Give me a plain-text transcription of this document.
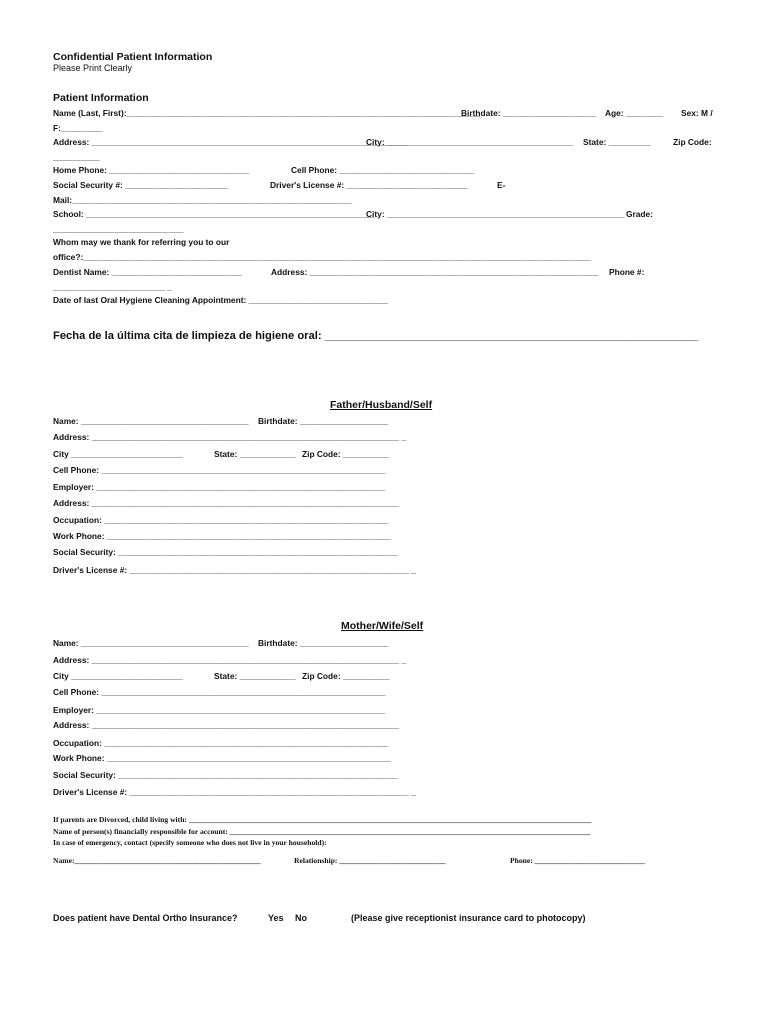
Confidential Patient Information
Please Print Clearly
Patient Information
Name (Last, First):____________________________________________________________________________
Birthdate: ____________________ Age: ________ Sex: M /
F:_________
Address: ____________________________________________________________________
City: ________________________________________ State: _________	Zip Code:
__________
Home Phone: ______________________________	Cell Phone: _____________________________
Social Security #: ______________________	Driver's License #: __________________________	E-
Mail:____________________________________________________________
School: ______________________________________________________________
City: ___________________________________________________ Grade:
____________________________
Whom may we thank for referring you to our
office?:_____________________________________________________________________________________________________________
Dentist Name: ____________________________	Address: ______________________________________________________________ Phone #:
________________________ _
Date of last Oral Hygiene Cleaning Appointment: ______________________________
Fecha de la última cita de limpieza de higiene oral: ____________________________________________________________
Father/Husband/Self
Name: ____________________________________ Birthdate: ___________________
Address: __________________________________________________________________ _
City ________________________	State: ____________ Zip Code: __________
Cell Phone: _____________________________________________________________
Employer: ______________________________________________________________
Address: __________________________________________________________________
Occupation: _____________________________________________________________
Work Phone: _____________________________________________________________
Social Security: ____________________________________________________________
Driver's License #: ____________________________________________________________ _
Mother/Wife/Self
Name: ____________________________________ Birthdate: ___________________
Address: __________________________________________________________________ _
City ________________________	State: ____________ Zip Code: __________
Cell Phone: _____________________________________________________________
Employer: ______________________________________________________________
Address: __________________________________________________________________
Occupation: _____________________________________________________________
Work Phone: _____________________________________________________________
Social Security: ____________________________________________________________
Driver's License #: ____________________________________________________________ _
If parents are Divorced, child living with: __________________________________________________________________________________________________________
Name of person(s) financially responsible for account: _______________________________________________________________________________________________
In case of emergency, contact (specify someone who does not live in your household):
Name:_________________________________________________	Relationship: ____________________________	Phone: _____________________________
Does patient have Dental Ortho Insurance?	Yes No	(Please give receptionist insurance card to photocopy)
